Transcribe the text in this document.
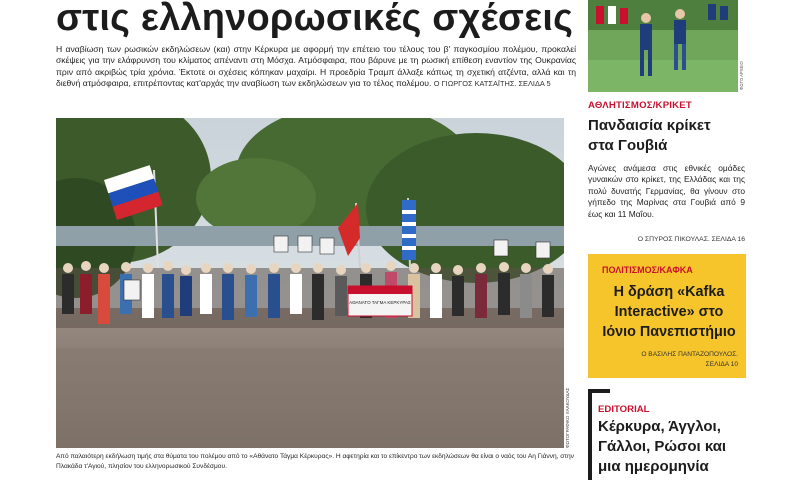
στις ελληνορωσικές σχέσεις
Η αναβίωση των ρωσικών εκδηλώσεων (και) στην Κέρκυρα με αφορμή την επέτειο του τέλους του β' παγκοσμίου πολέμου, προκαλεί σκέψεις για την ελάφρυνση του κλίματος απέναντι στη Μόσχα. Ατμόσφαιρα, που βάρυνε με τη ρωσική επίθεση εναντίον της Ουκρανίας πριν από ακριβώς τρία χρόνια. Έκτοτε οι σχέσεις κόπηκαν μαχαίρι. Η προεδρία Τραμπ άλλαξε κάπως τη σχετική ατζέντα, αλλά και τη διεθνή ατμόσφαιρα, επιτρέποντας κατ'αρχάς την αναβίωση των εκδηλώσεων για το τέλος πολέμου. Ο ΓΙΩΡΓΟΣ ΚΑΤΣΑΪΤΗΣ. ΣΕΛΙΔΑ 5
ΑΘΑΝΑΤΟ ΤΑΓΜΑ ΚΕΡΚΥΡΑΣ
ΦΩΤΟΓΡΑΦΙΚΟ ΧΑΛΚΟΥΔΑΣ
Από παλαιότερη εκδήλωση τιμής στα θύματα του πολέμου από το «Αθάνατο Τάγμα Κέρκυρας». Η αφετηρία και το επίκεντρο των εκδηλώσεων θα είναι ο ναός του Αη Γιάννη, στην Πλακάδα τ'Αγιού, πλησίον του ελληνορωσικού Συνδέσμου.
ΦΩΤΟ ΑΡΧΕΙΟ
ΑΘΛΗΤΙΣΜΟΣ/ΚΡΙΚΕΤ
Πανδαισία κρίκετ στα Γουβιά
Αγώνες ανάμεσα στις εθνικές ομάδες γυναικών στο κρίκετ, της Ελλάδας και της πολύ δυνατής Γερμανίας, θα γίνουν στο γήπεδο της Μαρίνας στα Γουβιά από 9 έως και 11 Μαΐου.
Ο ΣΠΥΡΟΣ ΠΙΚΟΥΛΑΣ. ΣΕΛΙΔΑ 16
ΠΟΛΙΤΙΣΜΟΣ/ΚΑΦΚΑ
Η δράση «Kafka Interactive» στο Ιόνιο Πανεπιστήμιο
Ο ΒΑΣΙΛΗΣ ΠΑΝΤΑΖΟΠΟΥΛΟΣ.
ΣΕΛΙΔΑ 10
EDITORIAL
Κέρκυρα, Άγγλοι, Γάλλοι, Ρώσοι και μια ημερομηνία
